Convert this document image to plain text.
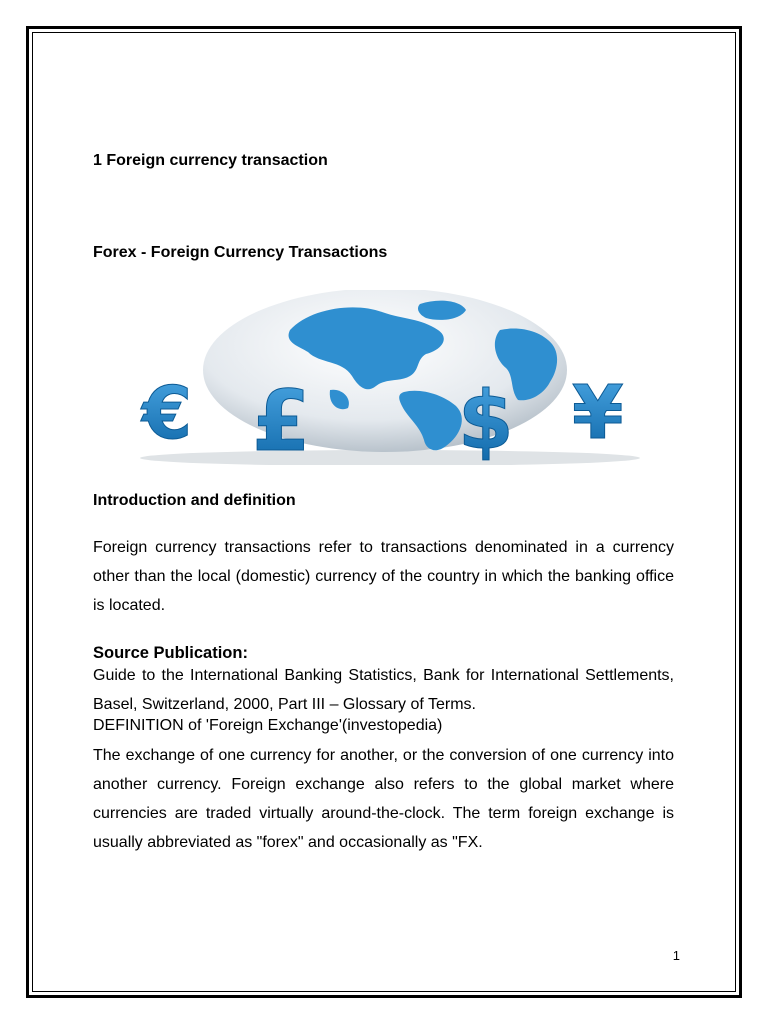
1 Foreign currency transaction
Forex - Foreign Currency Transactions
€ £ $ ¥
Introduction and definition
Foreign currency transactions refer to transactions denominated in a currency other than the local (domestic) currency of the country in which the banking office is located.
Source Publication:
Guide to the International Banking Statistics, Bank for International Settlements, Basel, Switzerland, 2000, Part III – Glossary of Terms.
DEFINITION of 'Foreign Exchange'(investopedia)
The exchange of one currency for another, or the conversion of one currency into another currency. Foreign exchange also refers to the global market where currencies are traded virtually around-the-clock. The term foreign exchange is usually abbreviated as "forex" and occasionally as "FX.
1
